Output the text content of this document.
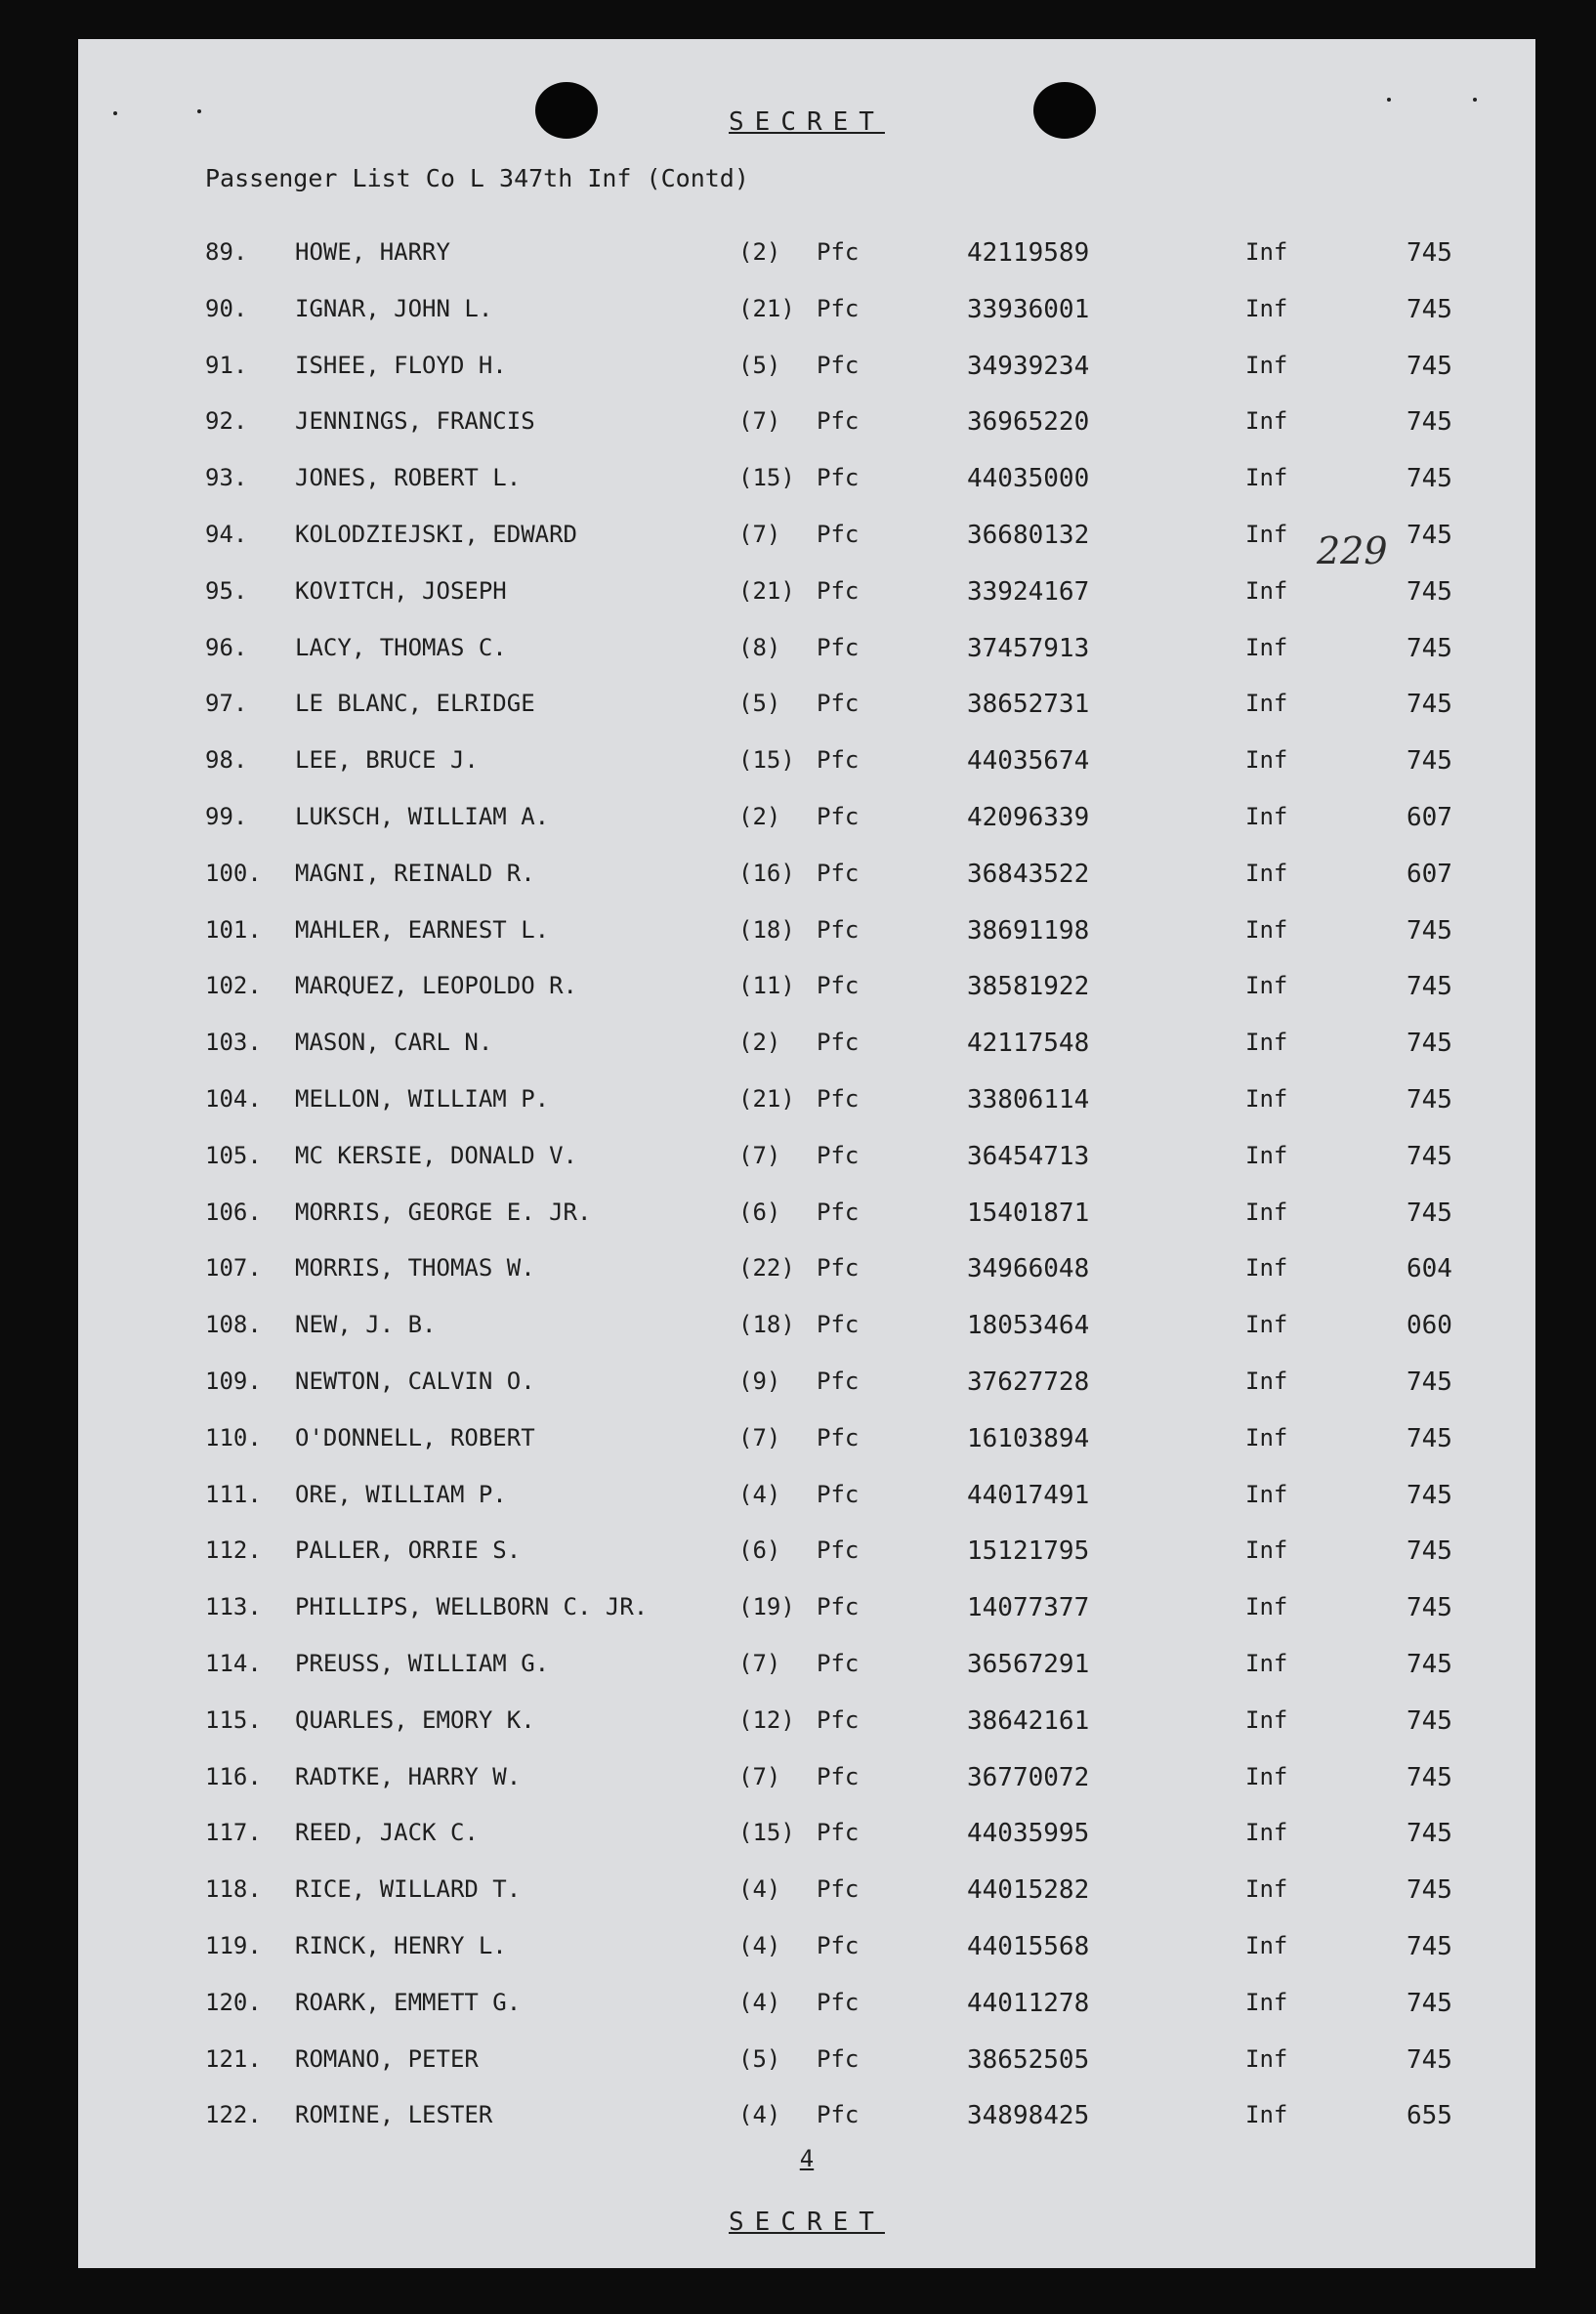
SECRET
Passenger List Co L 347th Inf (Contd)
229
89. HOWE, HARRY	(2) Pfc	42119589	Inf	745
90. IGNAR, JOHN L.	(21) Pfc	33936001	Inf	745
91. ISHEE, FLOYD H.	(5) Pfc	34939234	Inf	745
92. JENNINGS, FRANCIS	(7) Pfc	36965220	Inf	745
93. JONES, ROBERT L.	(15) Pfc	44035000	Inf	745
94. KOLODZIEJSKI, EDWARD	(7) Pfc	36680132	Inf	745
95. KOVITCH, JOSEPH	(21) Pfc	33924167	Inf	745
96. LACY, THOMAS C.	(8) Pfc	37457913	Inf	745
97. LE BLANC, ELRIDGE	(5) Pfc	38652731	Inf	745
98. LEE, BRUCE J.	(15) Pfc	44035674	Inf	745
99. LUKSCH, WILLIAM A.	(2) Pfc	42096339	Inf	607
100. MAGNI, REINALD R.	(16) Pfc	36843522	Inf	607
101. MAHLER, EARNEST L.	(18) Pfc	38691198	Inf	745
102. MARQUEZ, LEOPOLDO R.	(11) Pfc	38581922	Inf	745
103. MASON, CARL N.	(2) Pfc	42117548	Inf	745
104. MELLON, WILLIAM P.	(21) Pfc	33806114	Inf	745
105. MC KERSIE, DONALD V.	(7) Pfc	36454713	Inf	745
106. MORRIS, GEORGE E. JR.	(6) Pfc	15401871	Inf	745
107. MORRIS, THOMAS W.	(22) Pfc	34966048	Inf	604
108. NEW, J. B.	(18) Pfc	18053464	Inf	060
109. NEWTON, CALVIN O.	(9) Pfc	37627728	Inf	745
110. O'DONNELL, ROBERT	(7) Pfc	16103894	Inf	745
111. ORE, WILLIAM P.	(4) Pfc	44017491	Inf	745
112. PALLER, ORRIE S.	(6) Pfc	15121795	Inf	745
113. PHILLIPS, WELLBORN C. JR.	(19) Pfc	14077377	Inf	745
114. PREUSS, WILLIAM G.	(7) Pfc	36567291	Inf	745
115. QUARLES, EMORY K.	(12) Pfc	38642161	Inf	745
116. RADTKE, HARRY W.	(7) Pfc	36770072	Inf	745
117. REED, JACK C.	(15) Pfc	44035995	Inf	745
118. RICE, WILLARD T.	(4) Pfc	44015282	Inf	745
119. RINCK, HENRY L.	(4) Pfc	44015568	Inf	745
120. ROARK, EMMETT G.	(4) Pfc	44011278	Inf	745
121. ROMANO, PETER	(5) Pfc	38652505	Inf	745
122. ROMINE, LESTER	(4) Pfc	34898425	Inf	655
4
SECRET
